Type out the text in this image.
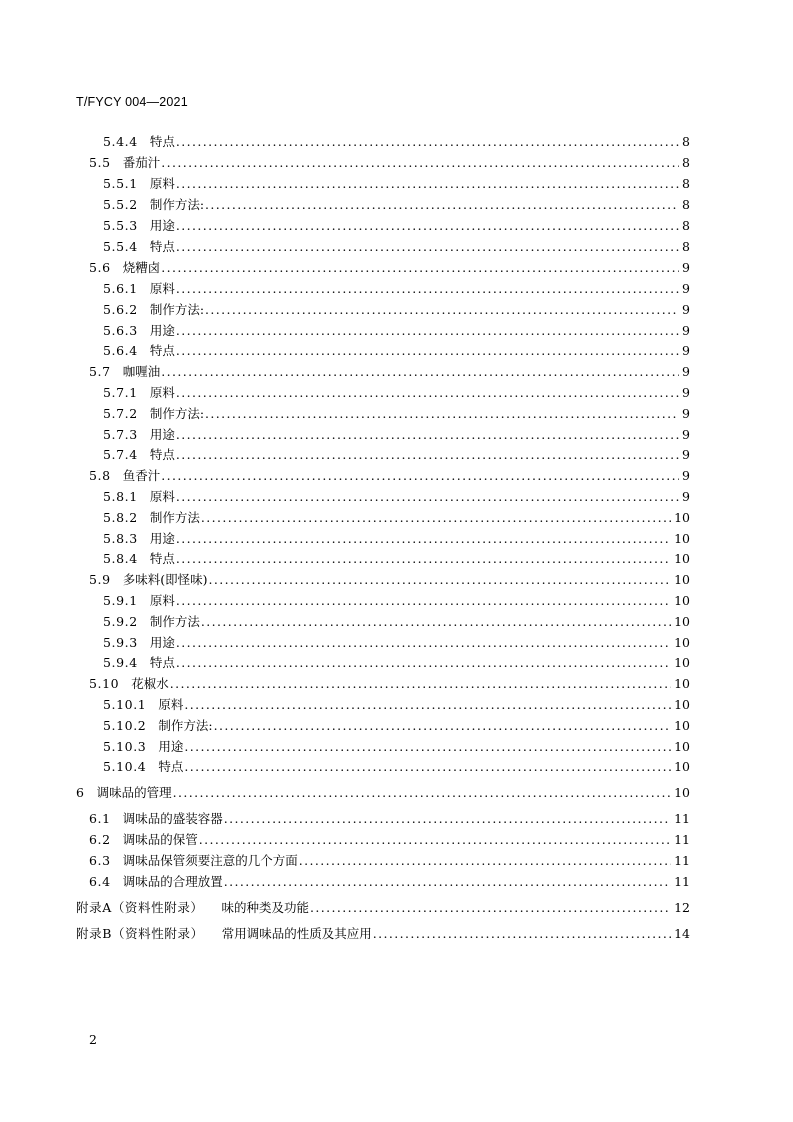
T/FYCY 004—2021
5.4.4 特点 .....	8
5.5 番茄汁 .....	8
5.5.1 原料 .....	8
5.5.2 制作方法: .....	8
5.5.3 用途 .....	8
5.5.4 特点 .....	8
5.6 烧糟卤 .....	9
5.6.1 原料 .....	9
5.6.2 制作方法: .....	9
5.6.3 用途 .....	9
5.6.4 特点 .....	9
5.7 咖喱油 .....	9
5.7.1 原料 .....	9
5.7.2 制作方法: .....	9
5.7.3 用途 .....	9
5.7.4 特点 .....	9
5.8 鱼香汁 .....	9
5.8.1 原料 .....	9
5.8.2 制作方法 .....	10
5.8.3 用途 .....	10
5.8.4 特点 .....	10
5.9 多味料(即怪味) .....	10
5.9.1 原料 .....	10
5.9.2 制作方法 .....	10
5.9.3 用途 .....	10
5.9.4 特点 .....	10
5.10 花椒水 .....	10
5.10.1 原料 .....	10
5.10.2 制作方法: .....	10
5.10.3 用途 .....	10
5.10.4 特点 .....	10
6 调味品的管理 .....	10
6.1 调味品的盛装容器 .....	11
6.2 调味品的保管 .....	11
6.3 调味品保管须要注意的几个方面 .....	11
6.4 调味品的合理放置 .....	11
附录A（资料性附录） 味的种类及功能 .....	12
附录B（资料性附录） 常用调味品的性质及其应用 .....	14
2
